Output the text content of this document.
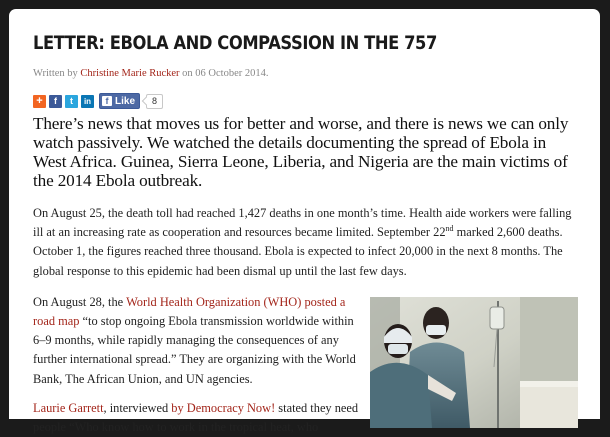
LETTER: EBOLA AND COMPASSION IN THE 757
Written by Christine Marie Rucker on 06 October 2014.
+	f	t	in	f Like	8

There’s news that moves us for better and worse, and there is news we can only watch passively. We watched the details documenting the spread of Ebola in West Africa. Guinea, Sierra Leone, Liberia, and Nigeria are the main victims of the 2014 Ebola outbreak.

On August 25, the death toll had reached 1,427 deaths in one month’s time. Health aide workers were falling ill at an increasing rate as cooperation and resources became limited. September 22nd marked 2,600 deaths. October 1, the figures reached three thousand. Ebola is expected to infect 20,000 in the next 8 months. The global response to this epidemic had been dismal up until the last few days.

On August 28, the World Health Organization (WHO) posted a road map “to stop ongoing Ebola transmission worldwide within 6–9 months, while rapidly managing the consequences of any further international spread.” They are organizing with the World Bank, The African Union, and UN agencies.

Laurie Garrett, interviewed by Democracy Now! stated they need people “Who know how to work in the tropical heat, who
